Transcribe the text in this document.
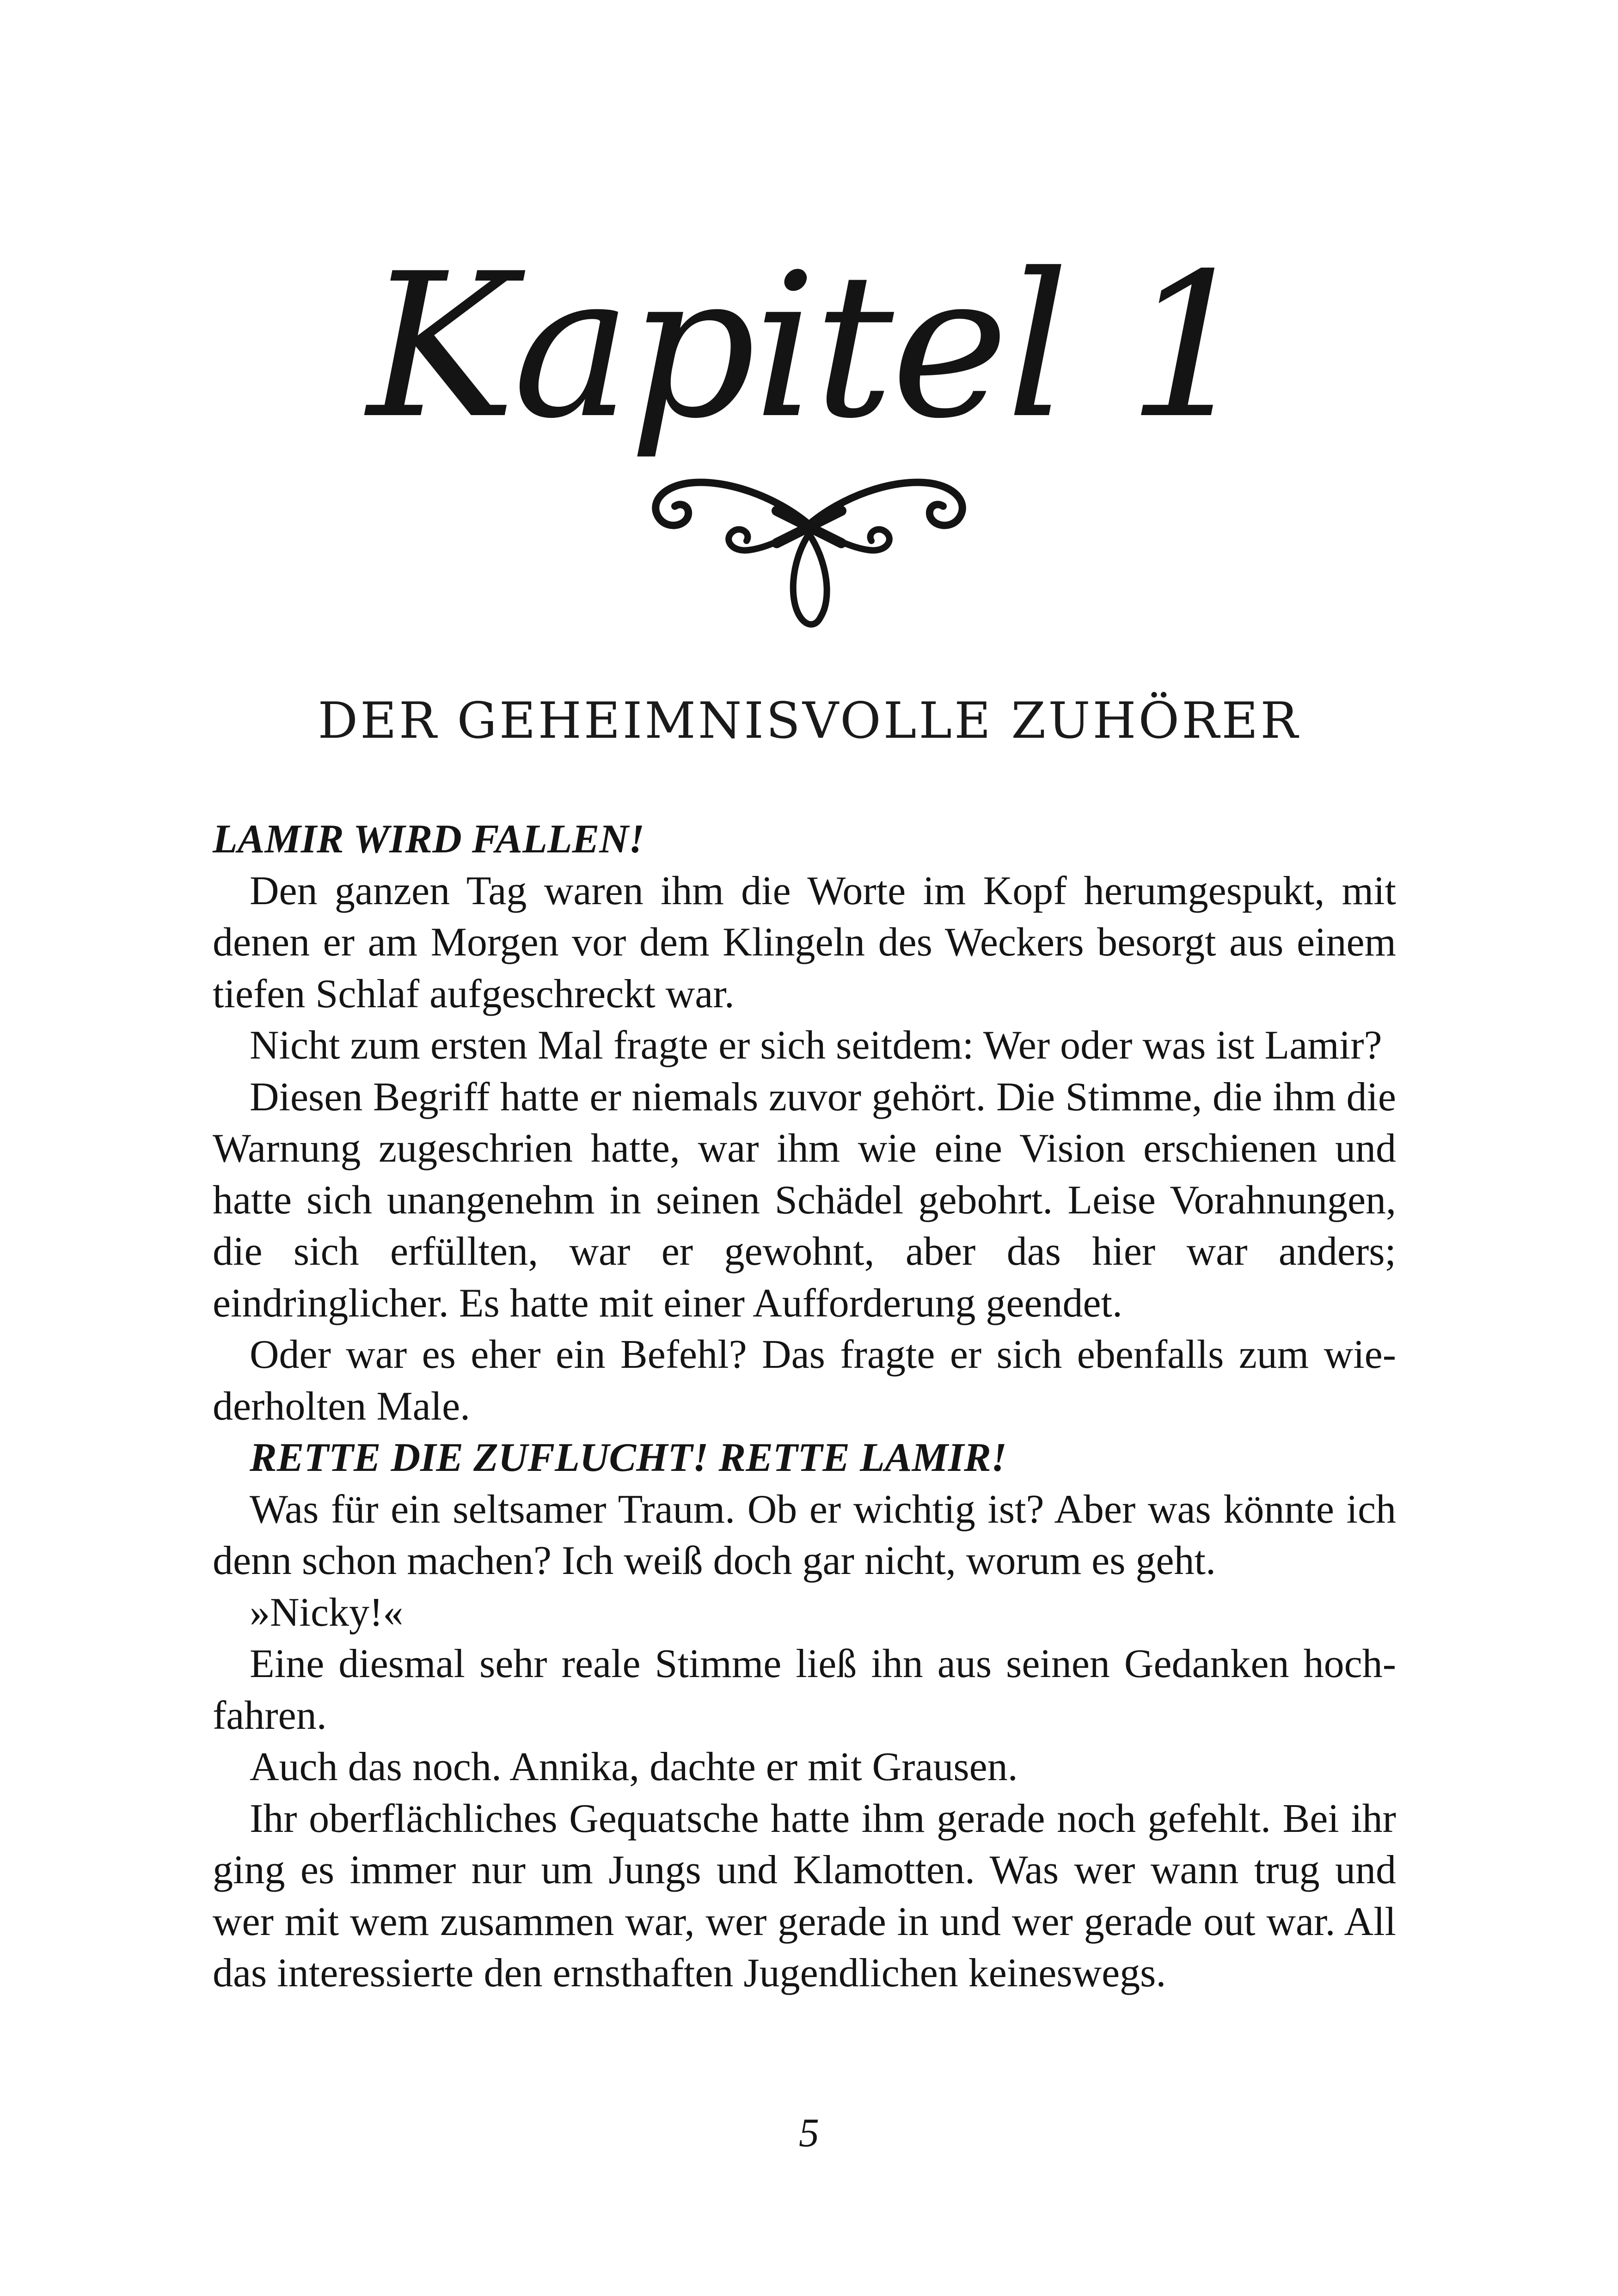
Kapitel 1
DER GEHEIMNISVOLLE ZUHÖRER

LAMIR WIRD FALLEN!

Den ganzen Tag waren ihm die Worte im Kopf herumgespukt, mit denen er am Morgen vor dem Klingeln des Weckers besorgt aus einem tiefen Schlaf aufgeschreckt war.

Nicht zum ersten Mal fragte er sich seitdem: Wer oder was ist Lamir?

Diesen Begriff hatte er niemals zuvor gehört. Die Stimme, die ihm die Warnung zugeschrien hatte, war ihm wie eine Vision erschienen und hatte sich unangenehm in seinen Schädel gebohrt. Leise Vorahnungen, die sich erfüllten, war er gewohnt, aber das hier war anders; eindringlicher. Es hatte mit einer Aufforderung geendet.

Oder war es eher ein Befehl? Das fragte er sich ebenfalls zum wiederholten Male.

RETTE DIE ZUFLUCHT! RETTE LAMIR!

Was für ein seltsamer Traum. Ob er wichtig ist? Aber was könnte ich denn schon machen? Ich weiß doch gar nicht, worum es geht.

»Nicky!«

Eine diesmal sehr reale Stimme ließ ihn aus seinen Gedanken hochfahren.

Auch das noch. Annika, dachte er mit Grausen.

Ihr oberflächliches Gequatsche hatte ihm gerade noch gefehlt. Bei ihr ging es immer nur um Jungs und Klamotten. Was wer wann trug und wer mit wem zusammen war, wer gerade in und wer gerade out war. All das interessierte den ernsthaften Jugendlichen keineswegs.

5
